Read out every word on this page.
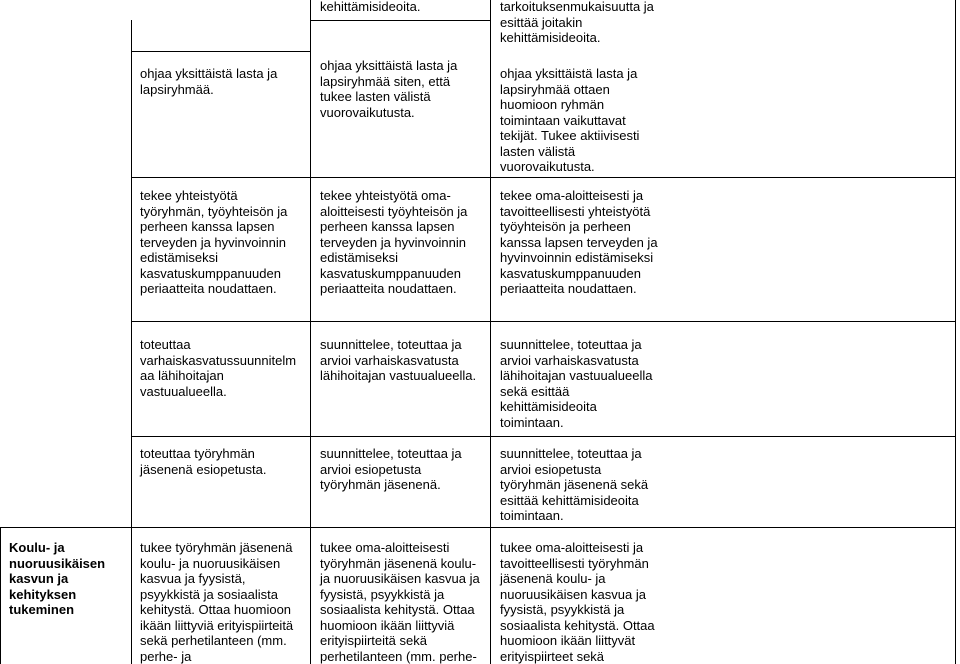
kehittämisideoita.	tarkoituksenmukaisuutta ja
esittää joitakin
kehittämisideoita.

ohjaa yksittäistä lasta ja
lapsiryhmää.

ohjaa yksittäistä lasta ja
lapsiryhmää siten, että
tukee lasten välistä
vuorovaikutusta.

ohjaa yksittäistä lasta ja
lapsiryhmää ottaen
huomioon ryhmän
toimintaan vaikuttavat
tekijät. Tukee aktiivisesti
lasten välistä
vuorovaikutusta.

tekee yhteistyötä
työryhmän, työyhteisön ja
perheen kanssa lapsen
terveyden ja hyvinvoinnin
edistämiseksi
kasvatuskumppanuuden
periaatteita noudattaen.

tekee yhteistyötä oma-
aloitteisesti työyhteisön ja
perheen kanssa lapsen
terveyden ja hyvinvoinnin
edistämiseksi
kasvatuskumppanuuden
periaatteita noudattaen.

tekee oma-aloitteisesti ja
tavoitteellisesti yhteistyötä
työyhteisön ja perheen
kanssa lapsen terveyden ja
hyvinvoinnin edistämiseksi
kasvatuskumppanuuden
periaatteita noudattaen.

toteuttaa
varhaiskasvatussuunnitelm
aa lähihoitajan
vastuualueella.

suunnittelee, toteuttaa ja
arvioi varhaiskasvatusta
lähihoitajan vastuualueella.

suunnittelee, toteuttaa ja
arvioi varhaiskasvatusta
lähihoitajan vastuualueella
sekä esittää
kehittämisideoita
toimintaan.

toteuttaa työryhmän
jäsenenä esiopetusta.

suunnittelee, toteuttaa ja
arvioi esiopetusta
työryhmän jäsenenä.

suunnittelee, toteuttaa ja
arvioi esiopetusta
työryhmän jäsenenä sekä
esittää kehittämisideoita
toimintaan.

Koulu- ja
nuoruusikäisen
kasvun ja
kehityksen
tukeminen

tukee työryhmän jäsenenä
koulu- ja nuoruusikäisen
kasvua ja fyysistä,
psyykkistä ja sosiaalista
kehitystä. Ottaa huomioon
ikään liittyviä erityispiirteitä
sekä perhetilanteen (mm.
perhe- ja

tukee oma-aloitteisesti
työryhmän jäsenenä koulu-
ja nuoruusikäisen kasvua ja
fyysistä, psyykkistä ja
sosiaalista kehitystä. Ottaa
huomioon ikään liittyviä
erityispiirteitä sekä
perhetilanteen (mm. perhe-

tukee oma-aloitteisesti ja
tavoitteellisesti työryhmän
jäsenenä koulu- ja
nuoruusikäisen kasvua ja
fyysistä, psyykkistä ja
sosiaalista kehitystä. Ottaa
huomioon ikään liittyvät
erityispiirteet sekä
